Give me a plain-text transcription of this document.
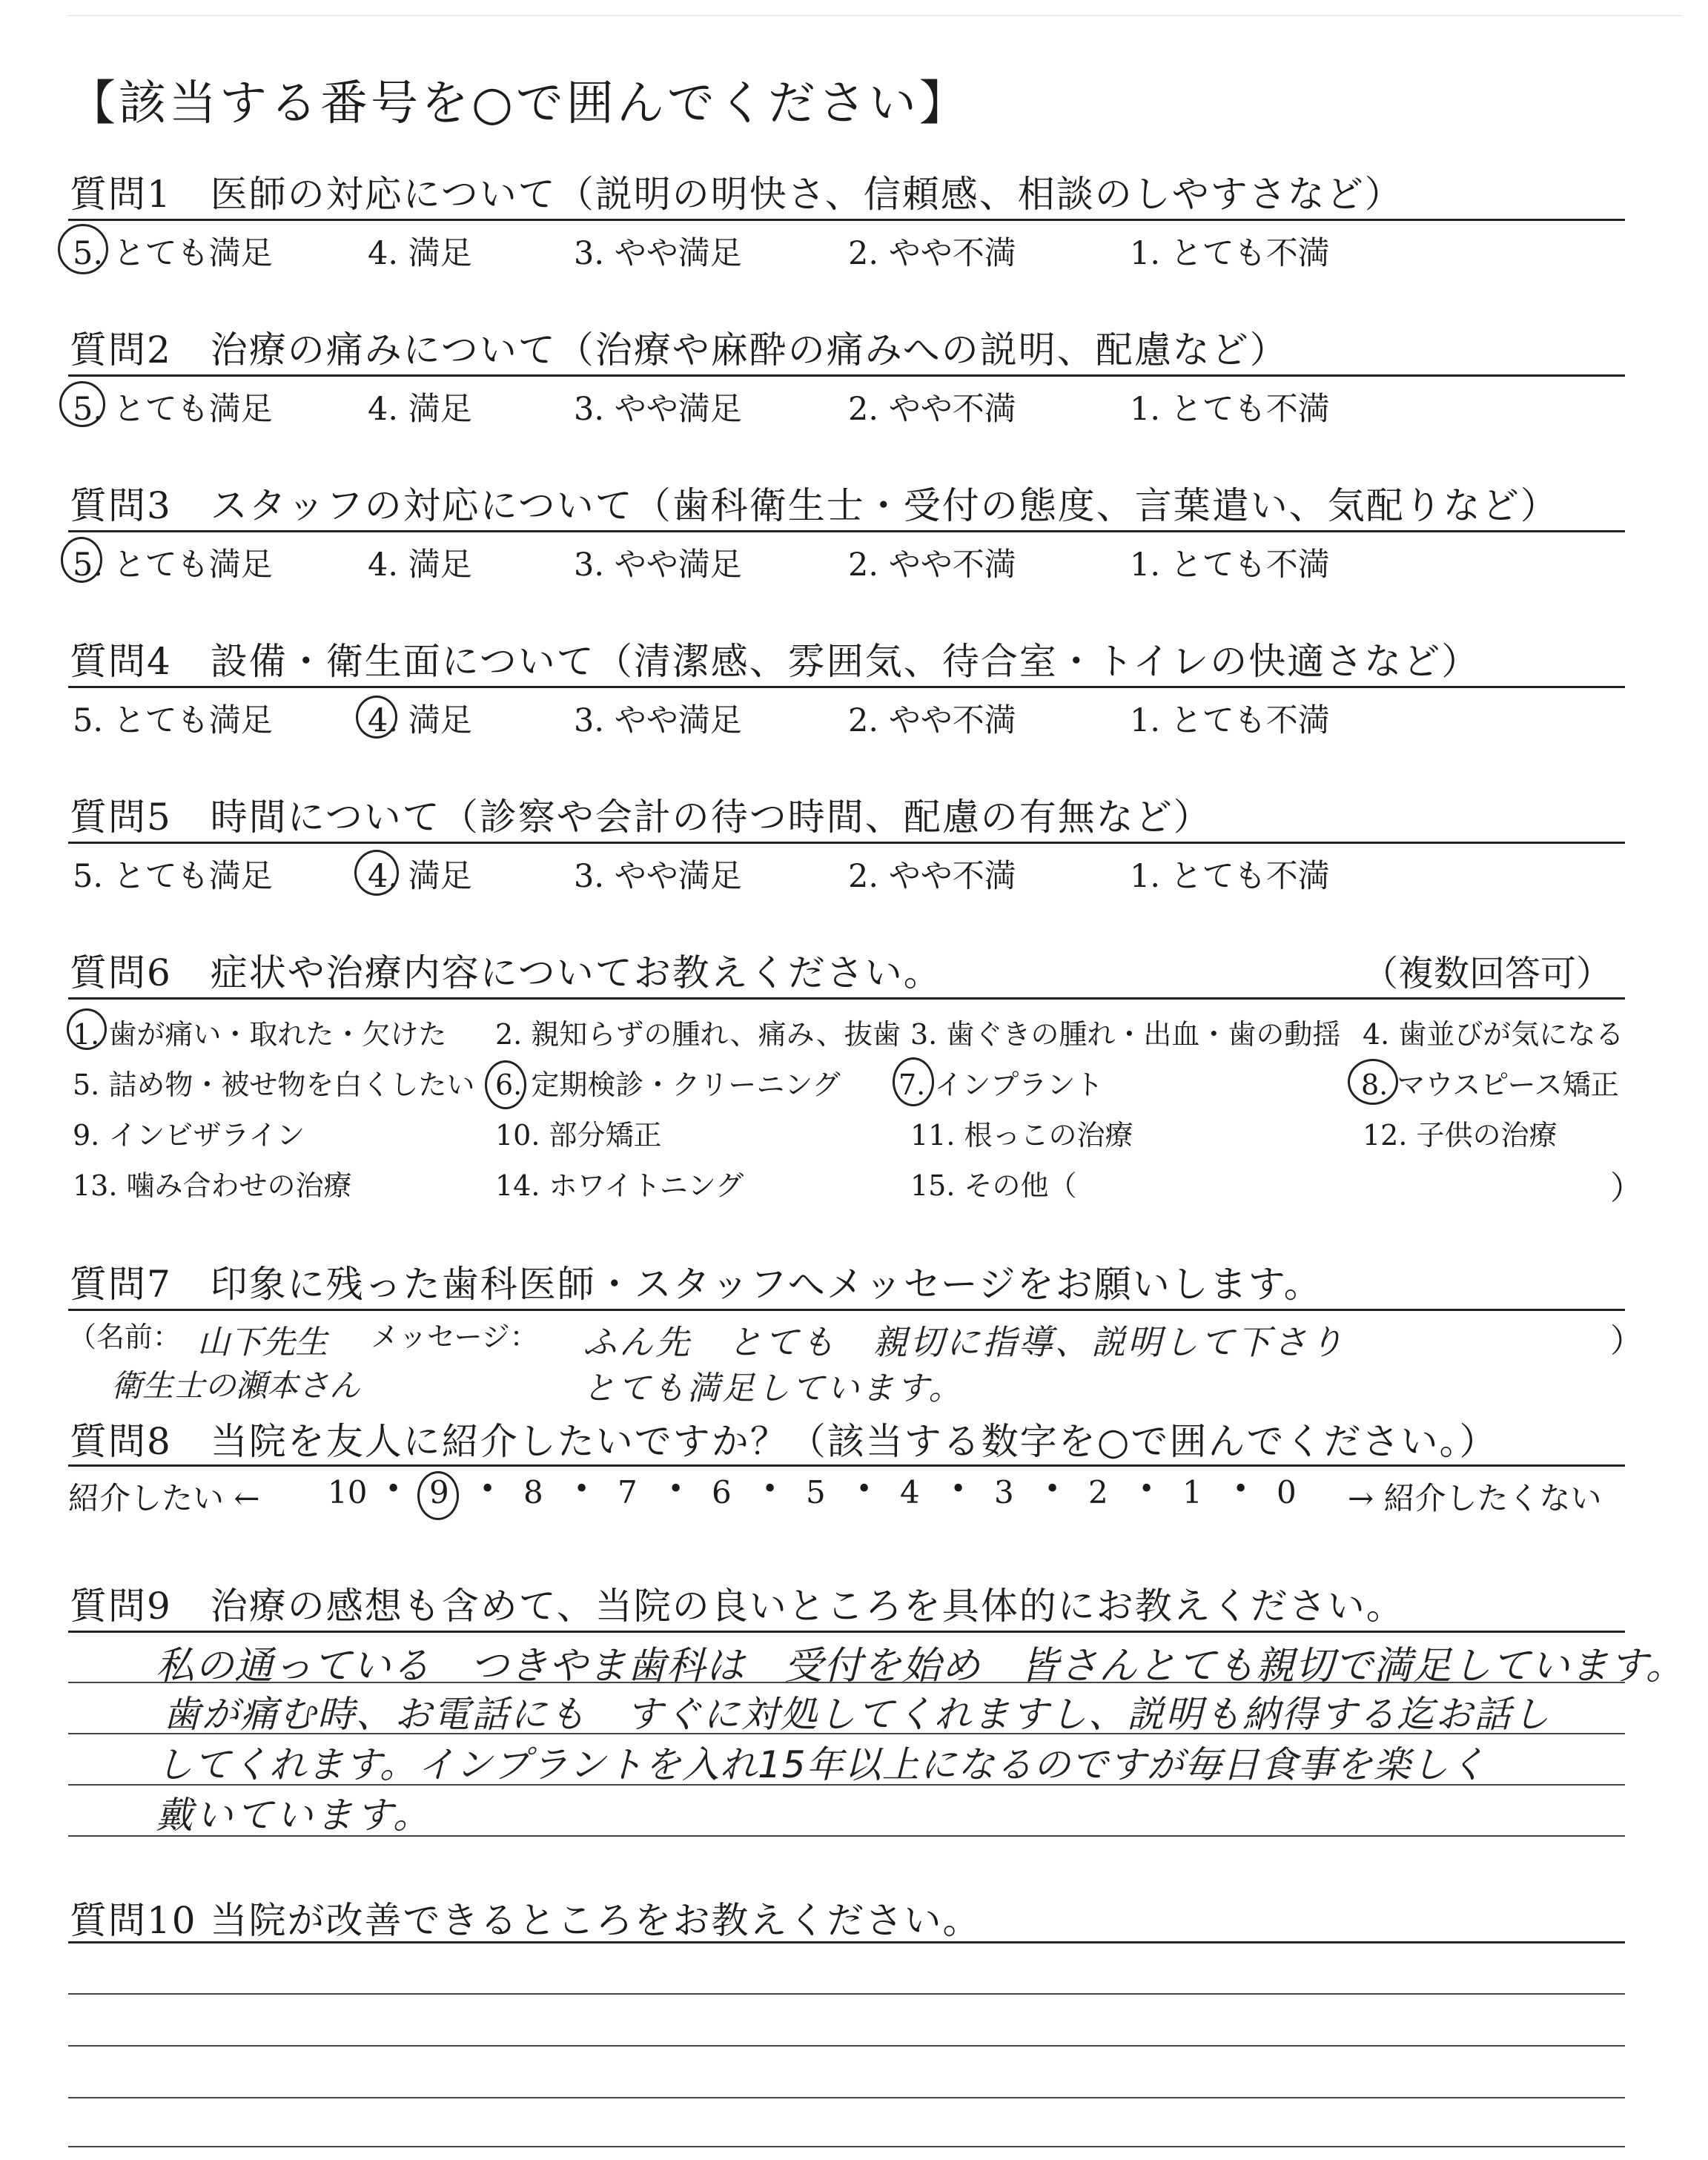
【該当する番号を○で囲んでください】
質問1　医師の対応について（説明の明快さ、信頼感、相談のしやすさなど）
5. とても満足	4. 満足	3. やや満足	2. やや不満	1. とても不満
質問2　治療の痛みについて（治療や麻酔の痛みへの説明、配慮など）
5. とても満足	4. 満足	3. やや満足	2. やや不満	1. とても不満
質問3　スタッフの対応について（歯科衛生士・受付の態度、言葉遣い、気配りなど）
5. とても満足	4. 満足	3. やや満足	2. やや不満	1. とても不満
質問4　設備・衛生面について（清潔感、雰囲気、待合室・トイレの快適さなど）
5. とても満足	4. 満足	3. やや満足	2. やや不満	1. とても不満
質問5　時間について（診察や会計の待つ時間、配慮の有無など）
5. とても満足	4. 満足	3. やや満足	2. やや不満	1. とても不満
質問6　症状や治療内容についてお教えください。	（複数回答可）
1. 歯が痛い・取れた・欠けた 2. 親知らずの腫れ、痛み、抜歯 3. 歯ぐきの腫れ・出血・歯の動揺 4. 歯並びが気になる
5. 詰め物・被せ物を白くしたい 6. 定期検診・クリーニング 7. インプラント	8. マウスピース矯正
9. インビザライン	10. 部分矯正	11. 根っこの治療	12. 子供の治療
13. 噛み合わせの治療	14. ホワイトニング	15. その他（	）
質問7　印象に残った歯科医師・スタッフへメッセージをお願いします。
（名前：	メッセージ：	）
山下先生
衛生士の瀬本さん
ふん先　とても　親切に指導、説明して下さり
とても満足しています。
質問8　当院を友人に紹介したいですか？（該当する数字を○で囲んでください。）
紹介したい ←	→ 紹介したくない
10 • 9 • 8 • 7 • 6 • 5 • 4 • 3 • 2 • 1 • 0
質問9　治療の感想も含めて、当院の良いところを具体的にお教えください。
私の通っている　つきやま歯科は　受付を始め　皆さんとても親切で満足しています。
歯が痛む時、お電話にも　すぐに対処してくれますし、説明も納得する迄お話し
してくれます。インプラントを入れ15年以上になるのですが毎日食事を楽しく
戴いています。
質問10 当院が改善できるところをお教えください。
